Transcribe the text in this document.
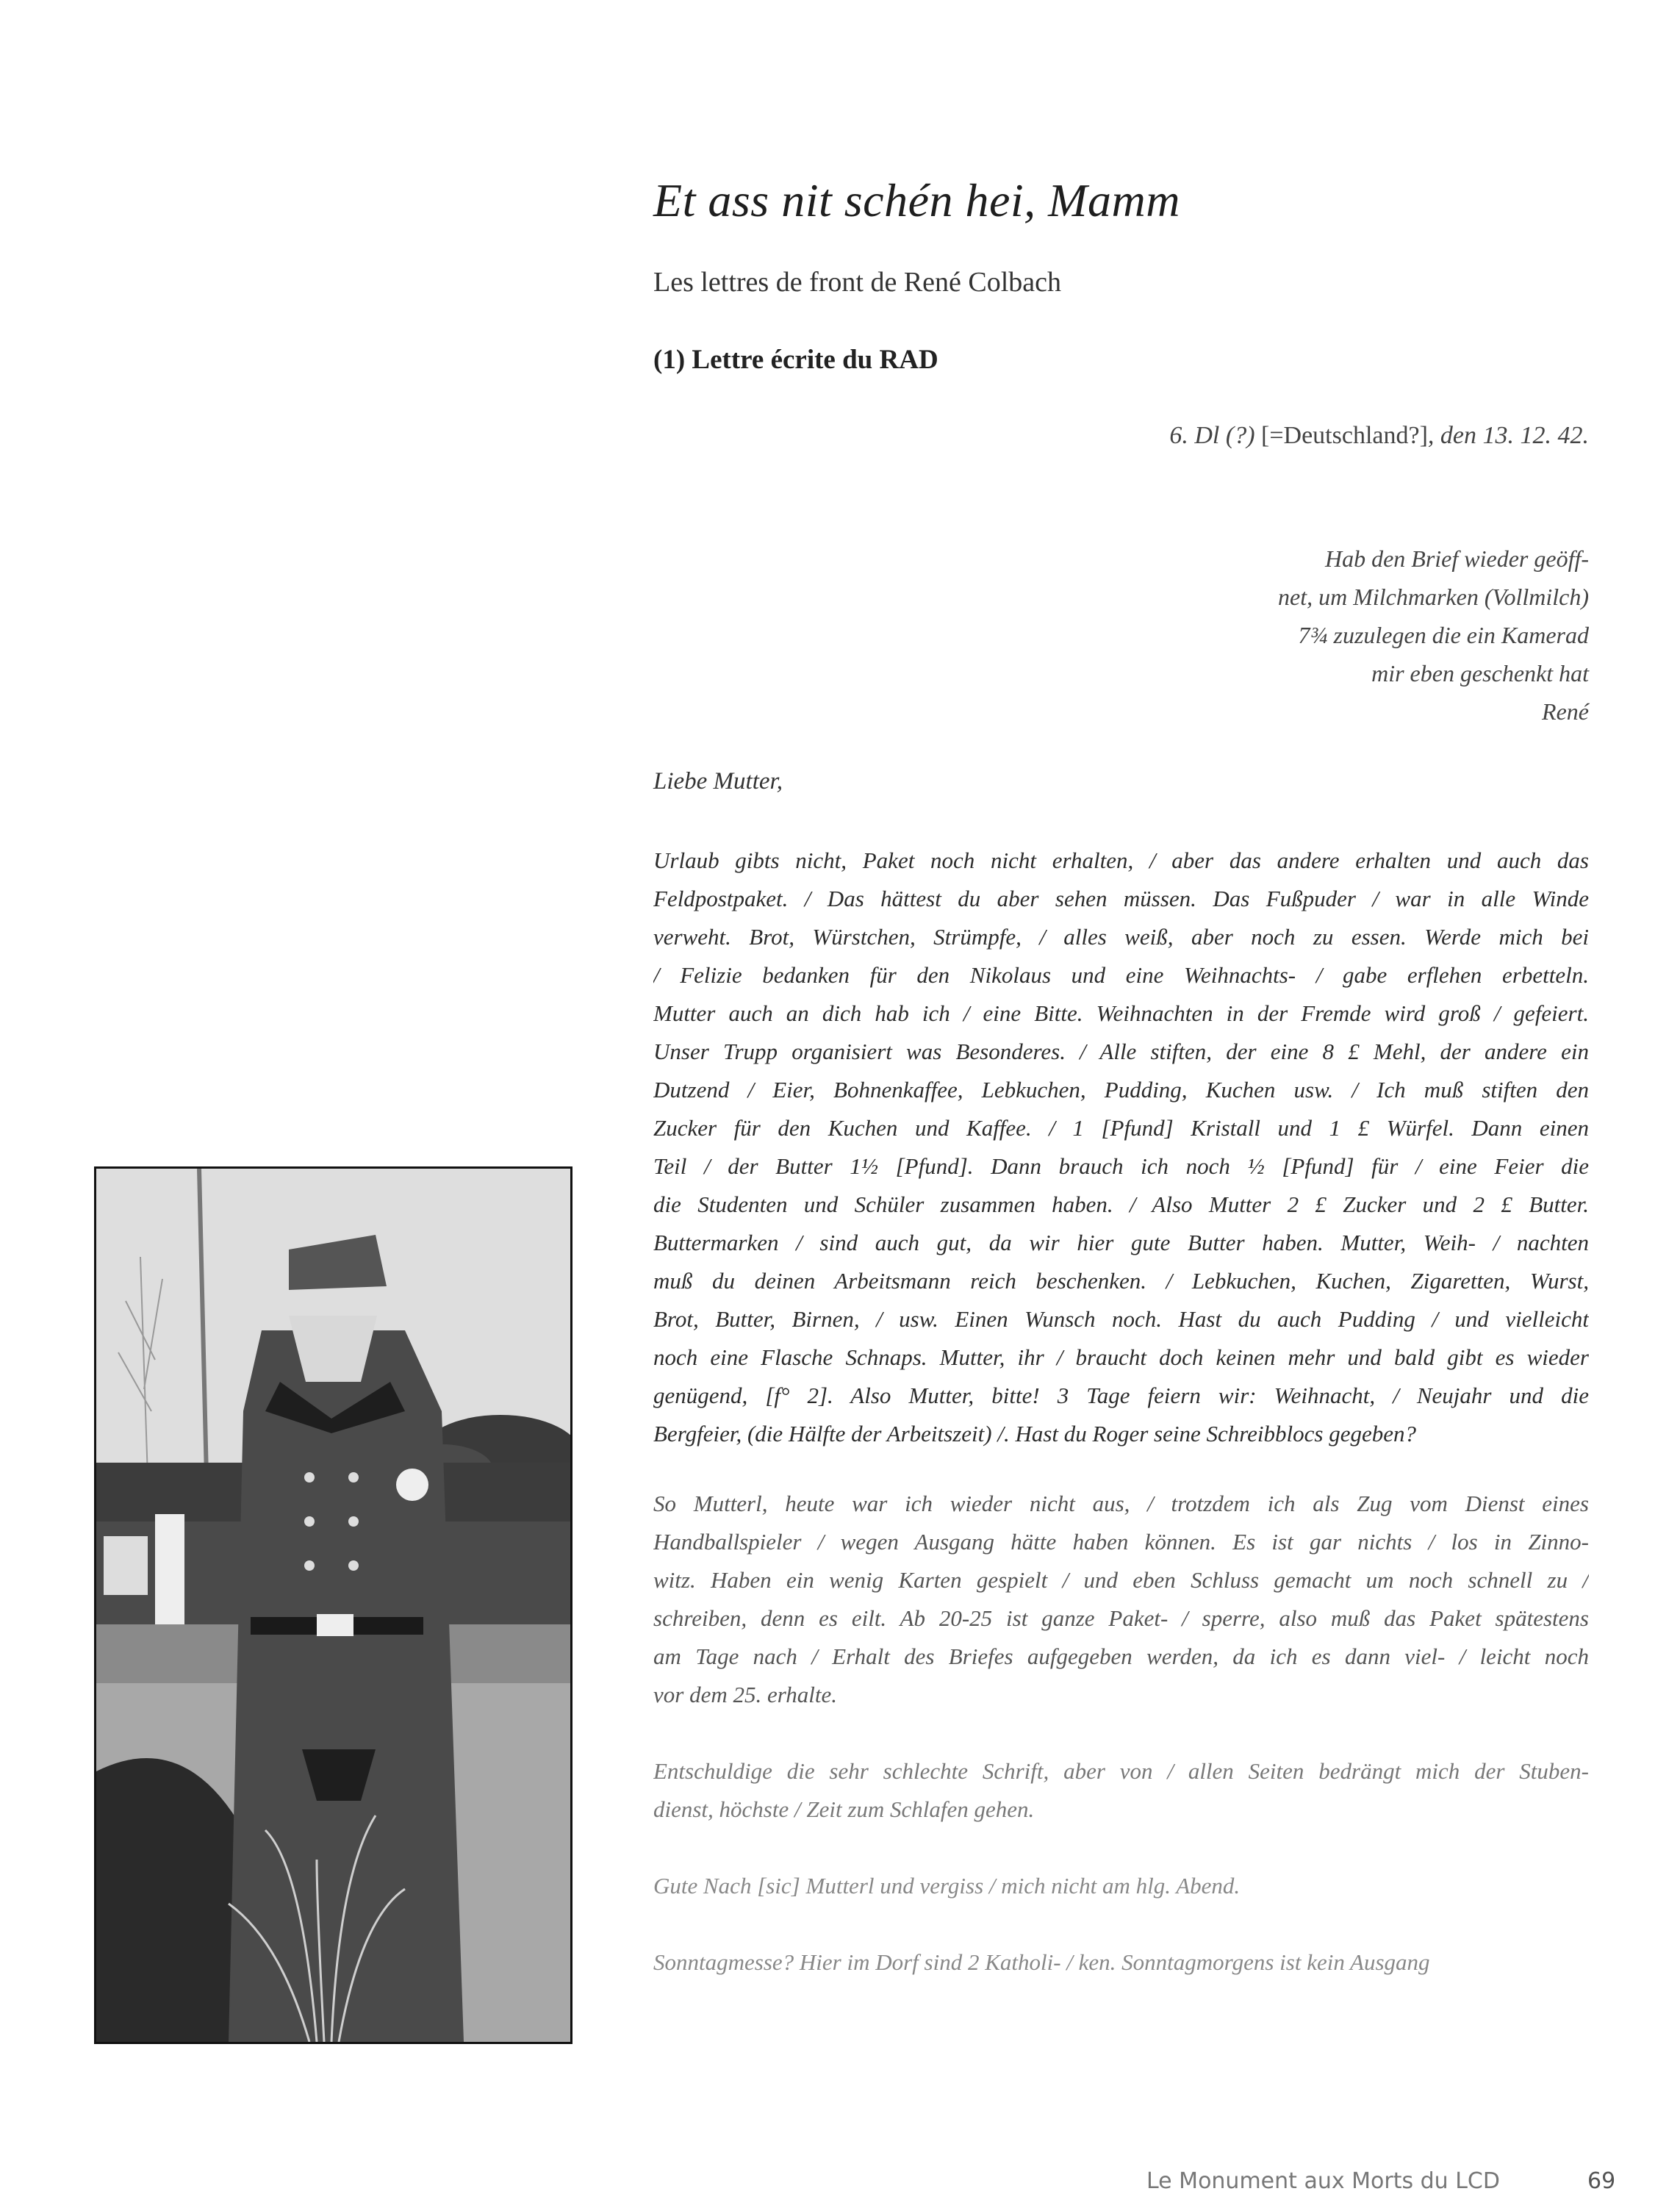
Et ass nit schén hei, Mamm
Les lettres de front de René Colbach
(1) Lettre écrite du RAD
6. Dl (?) [=Deutschland?], den 13. 12. 42.
Hab den Brief wieder geöff-
net, um Milchmarken (Vollmilch)
7¾ zuzulegen die ein Kamerad
mir eben geschenkt hat
René
Liebe Mutter,
Urlaub gibts nicht, Paket noch nicht erhalten, / aber das andere erhalten und auch das
Feldpostpaket. / Das hättest du aber sehen müssen. Das Fußpuder / war in alle Winde
verweht. Brot, Würstchen, Strümpfe, / alles weiß, aber noch zu essen. Werde mich bei
/ Felizie bedanken für den Nikolaus und eine Weihnachts- / gabe erflehen erbetteln.
Mutter auch an dich hab ich / eine Bitte. Weihnachten in der Fremde wird groß / gefeiert.
Unser Trupp organisiert was Besonderes. / Alle stiften, der eine 8 £ Mehl, der andere ein
Dutzend / Eier, Bohnenkaffee, Lebkuchen, Pudding, Kuchen usw. / Ich muß stiften den
Zucker für den Kuchen und Kaffee. / 1 [Pfund] Kristall und 1 £ Würfel. Dann einen
Teil / der Butter 1½ [Pfund]. Dann brauch ich noch ½ [Pfund] für / eine Feier die
die Studenten und Schüler zusammen haben. / Also Mutter 2 £ Zucker und 2 £ Butter.
Buttermarken / sind auch gut, da wir hier gute Butter haben. Mutter, Weih- / nachten
muß du deinen Arbeitsmann reich beschenken. / Lebkuchen, Kuchen, Zigaretten, Wurst,
Brot, Butter, Birnen, / usw. Einen Wunsch noch. Hast du auch Pudding / und vielleicht
noch eine Flasche Schnaps. Mutter, ihr / braucht doch keinen mehr und bald gibt es wieder
genügend, [f° 2]. Also Mutter, bitte! 3 Tage feiern wir: Weihnacht, / Neujahr und die
Bergfeier, (die Hälfte der Arbeitszeit) /. Hast du Roger seine Schreibblocs gegeben?
So Mutterl, heute war ich wieder nicht aus, / trotzdem ich als Zug vom Dienst eines
Handballspieler / wegen Ausgang hätte haben können. Es ist gar nichts / los in Zinno-
witz. Haben ein wenig Karten gespielt / und eben Schluss gemacht um noch schnell zu /
schreiben, denn es eilt. Ab 20-25 ist ganze Paket- / sperre, also muß das Paket spätestens
am Tage nach / Erhalt des Briefes aufgegeben werden, da ich es dann viel- / leicht noch
vor dem 25. erhalte.
Entschuldige die sehr schlechte Schrift, aber von / allen Seiten bedrängt mich der Stuben-
dienst, höchste / Zeit zum Schlafen gehen.
Gute Nach [sic] Mutterl und vergiss / mich nicht am hlg. Abend.
Sonntagmesse? Hier im Dorf sind 2 Katholi- / ken. Sonntagmorgens ist kein Ausgang
Le Monument aux Morts du LCD	69
